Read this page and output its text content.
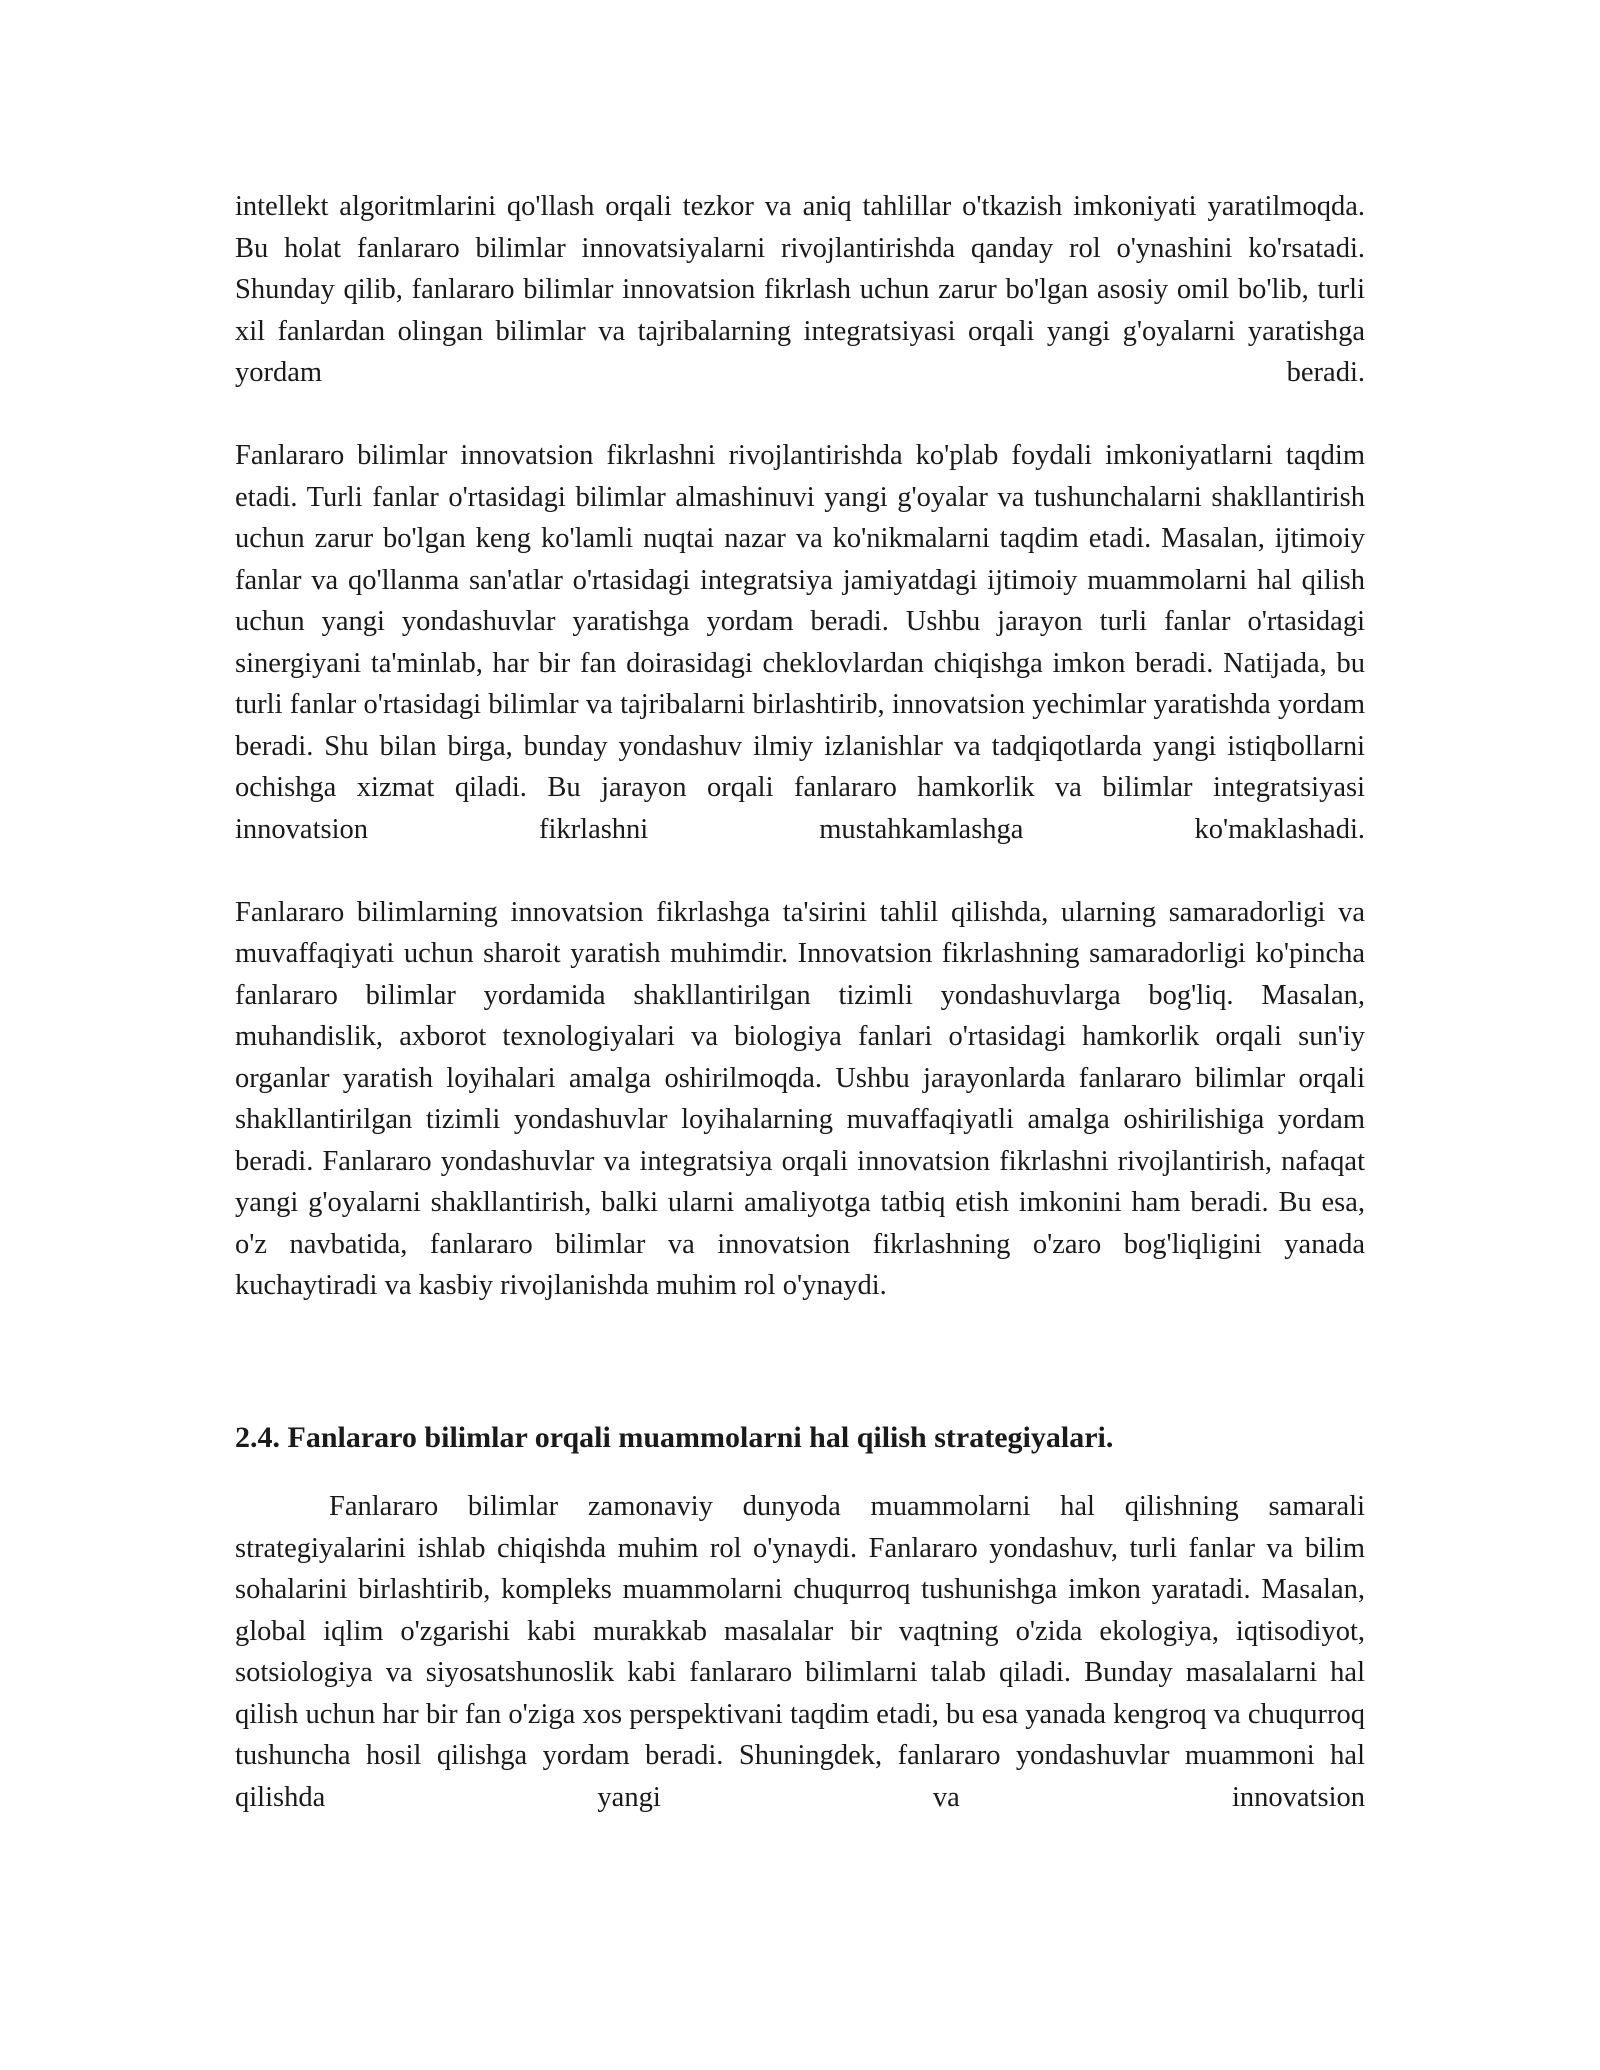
intellekt algoritmlarini qo'llash orqali tezkor va aniq tahlillar o'tkazish imkoniyati yaratilmoqda. Bu holat fanlararo bilimlar innovatsiyalarni rivojlantirishda qanday rol o'ynashini ko'rsatadi. Shunday qilib, fanlararo bilimlar innovatsion fikrlash uchun zarur bo'lgan asosiy omil bo'lib, turli xil fanlardan olingan bilimlar va tajribalarning integratsiyasi orqali yangi g'oyalarni yaratishga yordam beradi.

Fanlararo bilimlar innovatsion fikrlashni rivojlantirishda ko'plab foydali imkoniyatlarni taqdim etadi. Turli fanlar o'rtasidagi bilimlar almashinuvi yangi g'oyalar va tushunchalarni shakllantirish uchun zarur bo'lgan keng ko'lamli nuqtai nazar va ko'nikmalarni taqdim etadi. Masalan, ijtimoiy fanlar va qo'llanma san'atlar o'rtasidagi integratsiya jamiyatdagi ijtimoiy muammolarni hal qilish uchun yangi yondashuvlar yaratishga yordam beradi. Ushbu jarayon turli fanlar o'rtasidagi sinergiyani ta'minlab, har bir fan doirasidagi cheklovlardan chiqishga imkon beradi. Natijada, bu turli fanlar o'rtasidagi bilimlar va tajribalarni birlashtirib, innovatsion yechimlar yaratishda yordam beradi. Shu bilan birga, bunday yondashuv ilmiy izlanishlar va tadqiqotlarda yangi istiqbollarni ochishga xizmat qiladi. Bu jarayon orqali fanlararo hamkorlik va bilimlar integratsiyasi innovatsion fikrlashni mustahkamlashga ko'maklashadi.

Fanlararo bilimlarning innovatsion fikrlashga ta'sirini tahlil qilishda, ularning samaradorligi va muvaffaqiyati uchun sharoit yaratish muhimdir. Innovatsion fikrlashning samaradorligi ko'pincha fanlararo bilimlar yordamida shakllantirilgan tizimli yondashuvlarga bog'liq. Masalan, muhandislik, axborot texnologiyalari va biologiya fanlari o'rtasidagi hamkorlik orqali sun'iy organlar yaratish loyihalari amalga oshirilmoqda. Ushbu jarayonlarda fanlararo bilimlar orqali shakllantirilgan tizimli yondashuvlar loyihalarning muvaffaqiyatli amalga oshirilishiga yordam beradi. Fanlararo yondashuvlar va integratsiya orqali innovatsion fikrlashni rivojlantirish, nafaqat yangi g'oyalarni shakllantirish, balki ularni amaliyotga tatbiq etish imkonini ham beradi. Bu esa, o'z navbatida, fanlararo bilimlar va innovatsion fikrlashning o'zaro bog'liqligini yanada kuchaytiradi va kasbiy rivojlanishda muhim rol o'ynaydi.

2.4. Fanlararo bilimlar orqali muammolarni hal qilish strategiyalari.

Fanlararo bilimlar zamonaviy dunyoda muammolarni hal qilishning samarali strategiyalarini ishlab chiqishda muhim rol o'ynaydi. Fanlararo yondashuv, turli fanlar va bilim sohalarini birlashtirib, kompleks muammolarni chuqurroq tushunishga imkon yaratadi. Masalan, global iqlim o'zgarishi kabi murakkab masalalar bir vaqtning o'zida ekologiya, iqtisodiyot, sotsiologiya va siyosatshunoslik kabi fanlararo bilimlarni talab qiladi. Bunday masalalarni hal qilish uchun har bir fan o'ziga xos perspektivani taqdim etadi, bu esa yanada kengroq va chuqurroq tushuncha hosil qilishga yordam beradi. Shuningdek, fanlararo yondashuvlar muammoni hal qilishda yangi va innovatsion
